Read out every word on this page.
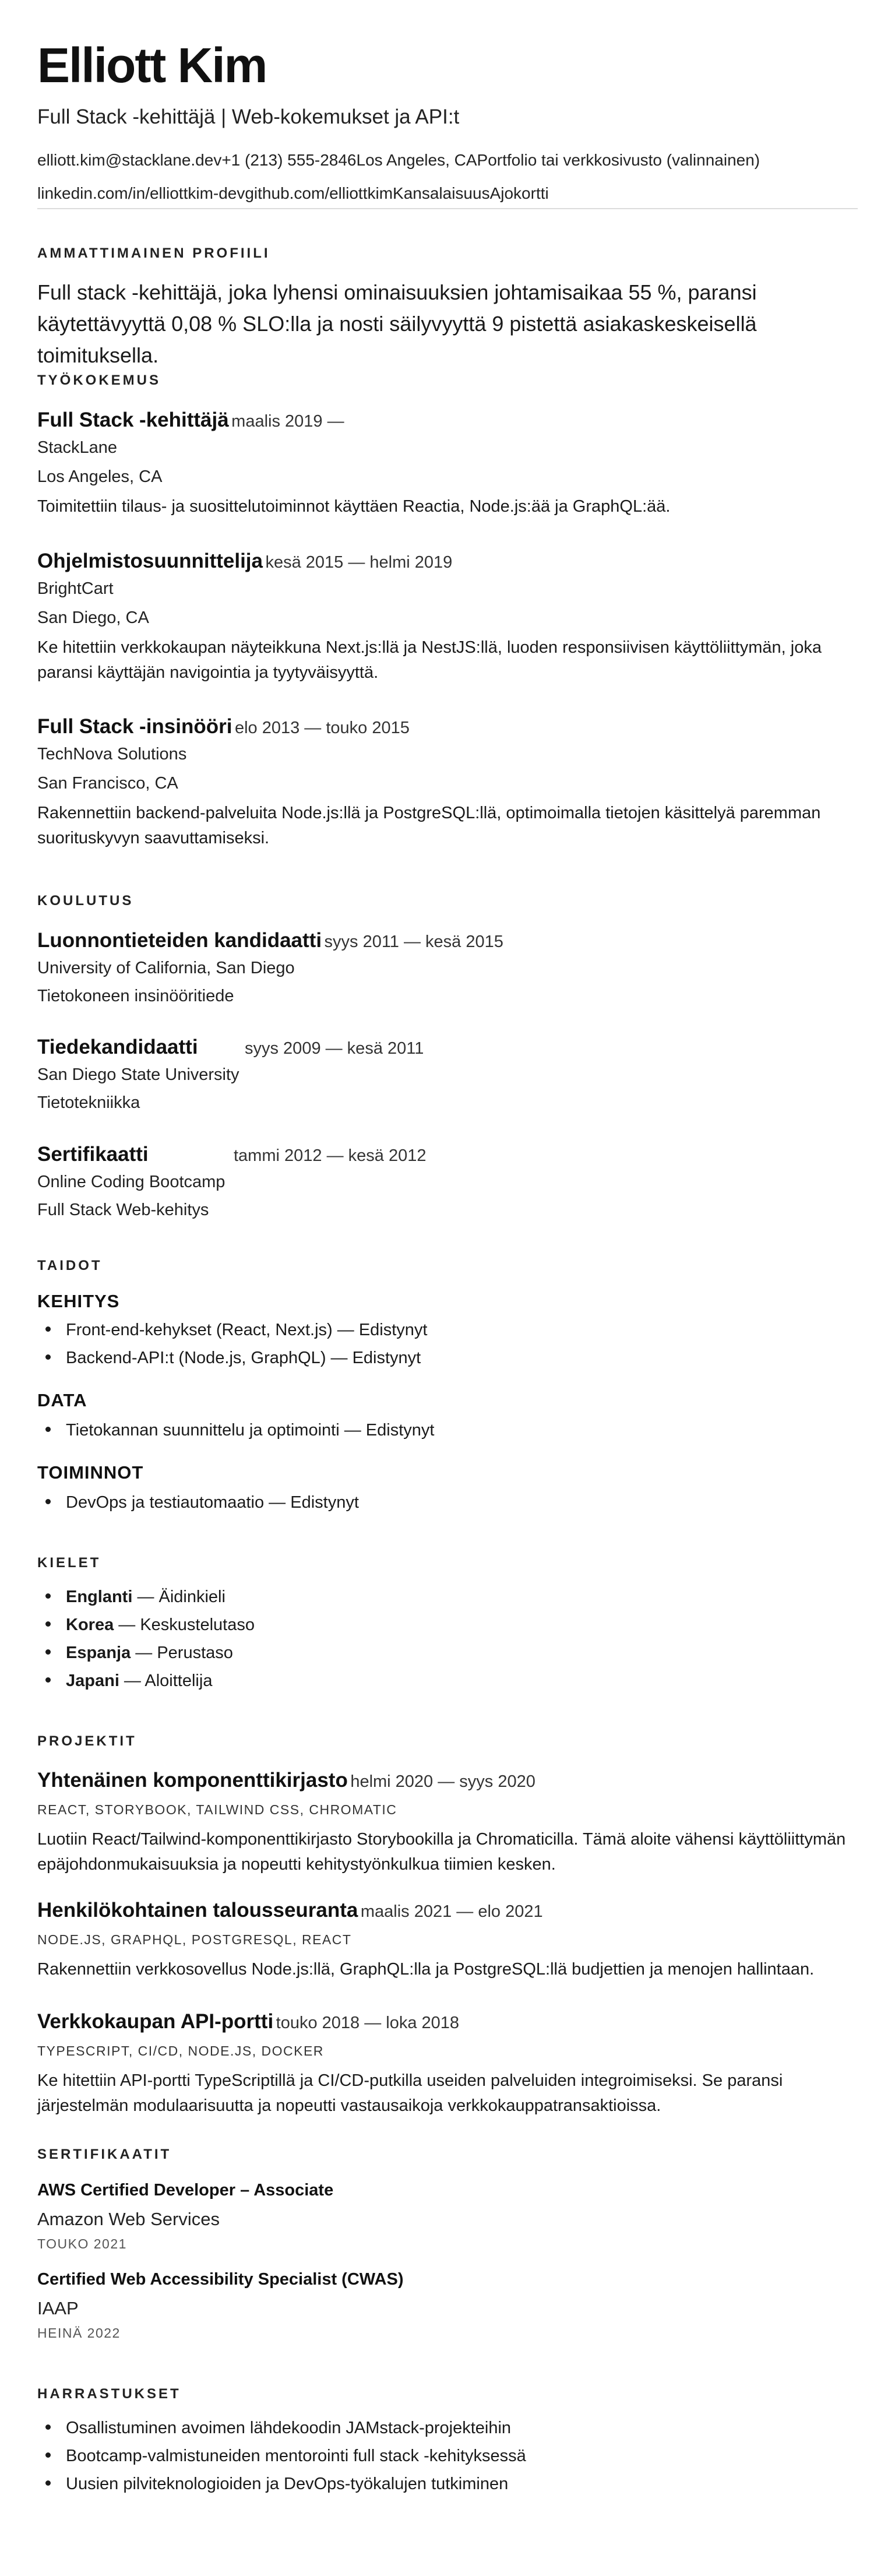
Elliott Kim
Full Stack -kehittäjä | Web-kokemukset ja API:t
elliott.kim@stacklane.dev+1 (213) 555-2846Los Angeles, CAPortfolio tai verkkosivusto (valinnainen)
linkedin.com/in/elliottkim-devgithub.com/elliottkimKansalaisuusAjokortti
AMMATTIMAINEN PROFIILI
Full stack -kehittäjä, joka lyhensi ominaisuuksien johtamisaikaa 55 %, paransi käytettävyyttä 0,08 % SLO:lla ja nosti säilyvyyttä 9 pistettä asiakaskeskeisellä toimituksella.
TYÖKOKEMUS
Full Stack -kehittäjä maalis 2019 —
StackLane
Los Angeles, CA
Toimitettiin tilaus- ja suosittelutoiminnot käyttäen Reactia, Node.js:ää ja GraphQL:ää.
Ohjelmistosuunnittelija kesä 2015 — helmi 2019
BrightCart
San Diego, CA
Ke hitettiin verkkokaupan näyteikkuna Next.js:llä ja NestJS:llä, luoden responsiivisen käyttöliittymän, joka paransi käyttäjän navigointia ja tyytyväisyyttä.
Full Stack -insinööri elo 2013 — touko 2015
TechNova Solutions
San Francisco, CA
Rakennettiin backend-palveluita Node.js:llä ja PostgreSQL:llä, optimoimalla tietojen käsittelyä paremman suorituskyvyn saavuttamiseksi.
KOULUTUS
Luonnontieteiden kandidaatti syys 2011 — kesä 2015
University of California, San Diego
Tietokoneen insinööritiede
Tiedekandidaatti	syys 2009 — kesä 2011
San Diego State University
Tietotekniikka
Sertifikaatti	tammi 2012 — kesä 2012
Online Coding Bootcamp
Full Stack Web-kehitys
TAIDOT
KEHITYS
Front-end-kehykset (React, Next.js) — Edistynyt
Backend-API:t (Node.js, GraphQL) — Edistynyt
DATA
Tietokannan suunnittelu ja optimointi — Edistynyt
TOIMINNOT
DevOps ja testiautomaatio — Edistynyt
KIELET
Englanti — Äidinkieli
Korea — Keskustelutaso
Espanja — Perustaso
Japani — Aloittelija
PROJEKTIT
Yhtenäinen komponenttikirjasto helmi 2020 — syys 2020
REACT, STORYBOOK, TAILWIND CSS, CHROMATIC
Luotiin React/Tailwind-komponenttikirjasto Storybookilla ja Chromaticilla. Tämä aloite vähensi käyttöliittymän epäjohdonmukaisuuksia ja nopeutti kehitystyönkulkua tiimien kesken.
Henkilökohtainen talousseuranta maalis 2021 — elo 2021
NODE.JS, GRAPHQL, POSTGRESQL, REACT
Rakennettiin verkkosovellus Node.js:llä, GraphQL:lla ja PostgreSQL:llä budjettien ja menojen hallintaan.
Verkkokaupan API-portti touko 2018 — loka 2018
TYPESCRIPT, CI/CD, NODE.JS, DOCKER
Ke hitettiin API-portti TypeScriptillä ja CI/CD-putkilla useiden palveluiden integroimiseksi. Se paransi järjestelmän modulaarisuutta ja nopeutti vastausaikoja verkkokauppatransaktioissa.
SERTIFIKAATIT
AWS Certified Developer – Associate
Amazon Web Services
TOUKO 2021
Certified Web Accessibility Specialist (CWAS)
IAAP
HEINÄ 2022
HARRASTUKSET
Osallistuminen avoimen lähdekoodin JAMstack-projekteihin
Bootcamp-valmistuneiden mentorointi full stack -kehityksessä
Uusien pilviteknologioiden ja DevOps-työkalujen tutkiminen
